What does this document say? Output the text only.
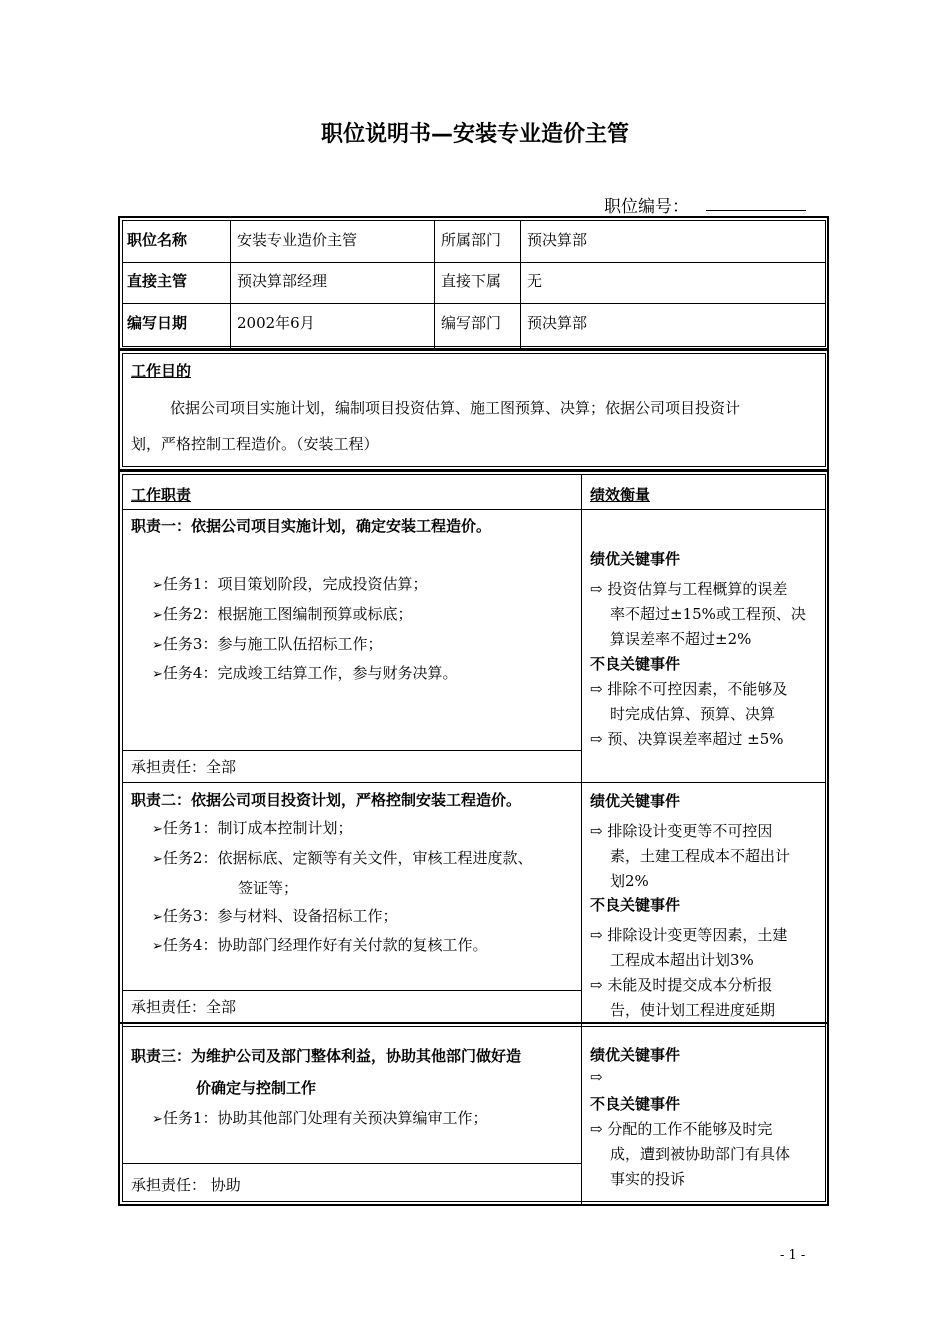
职位说明书—安装专业造价主管
职位编号：
职位名称	安装专业造价主管	所属部门 预决算部
直接主管	预决算部经理	直接下属 无
编写日期	2002年6月	编写部门 预决算部
工作目的
依据公司项目实施计划，编制项目投资估算、施工图预算、决算；依据公司项目投资计
划，严格控制工程造价。（安装工程）
工作职责	绩效衡量
职责一：依据公司项目实施计划，确定安装工程造价。
➢任务1：项目策划阶段，完成投资估算；
➢任务2：根据施工图编制预算或标底；
➢任务3：参与施工队伍招标工作；
➢任务4：完成竣工结算工作，参与财务决算。
承担责任：全部
绩优关键事件
⇨ 投资估算与工程概算的误差
率不超过±15%或工程预、决
算误差率不超过±2%
不良关键事件
⇨ 排除不可控因素，不能够及
时完成估算、预算、决算
⇨ 预、决算误差率超过 ±5%
职责二：依据公司项目投资计划，严格控制安装工程造价。
➢任务1：制订成本控制计划；
➢任务2：依据标底、定额等有关文件，审核工程进度款、
签证等；
➢任务3：参与材料、设备招标工作；
➢任务4：协助部门经理作好有关付款的复核工作。
承担责任：全部
绩优关键事件
⇨ 排除设计变更等不可控因
素，土建工程成本不超出计
划2%
不良关键事件
⇨ 排除设计变更等因素，土建
工程成本超出计划3%
⇨ 未能及时提交成本分析报
告，使计划工程进度延期
职责三：为维护公司及部门整体利益，协助其他部门做好造
价确定与控制工作
➢任务1：协助其他部门处理有关预决算编审工作；
承担责任： 协助
绩优关键事件
⇨
不良关键事件
⇨ 分配的工作不能够及时完
成，遭到被协助部门有具体
事实的投诉
- 1 -
